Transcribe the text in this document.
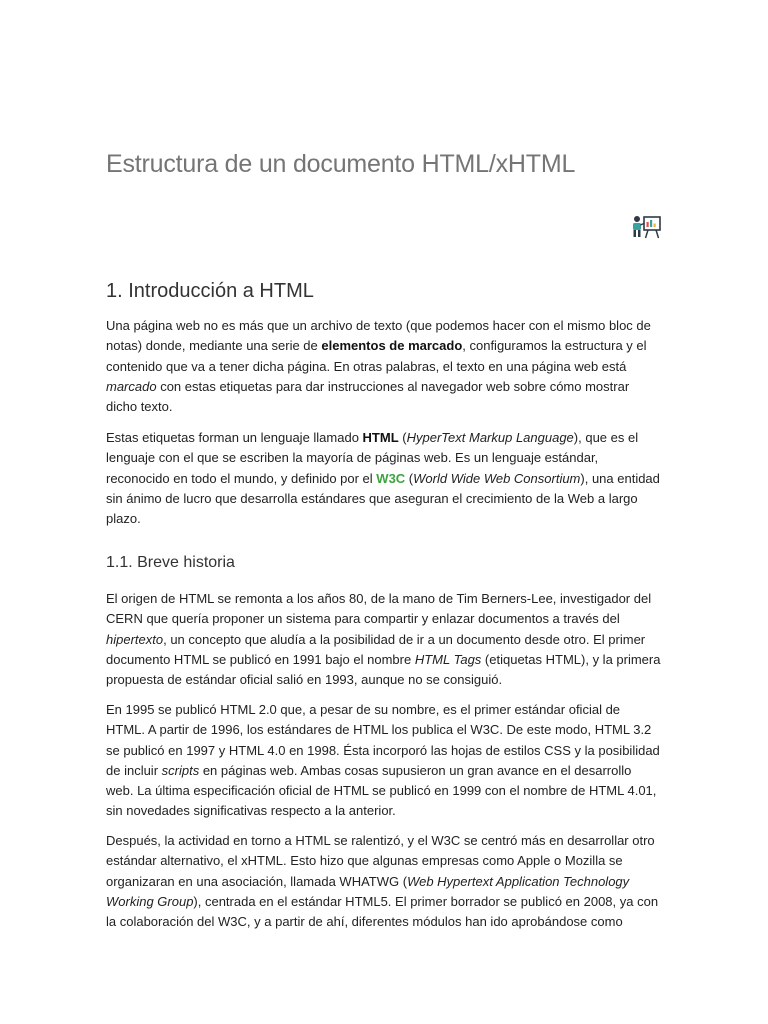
Estructura de un documento HTML/xHTML
1. Introducción a HTML

Una página web no es más que un archivo de texto (que podemos hacer con el mismo bloc de notas) donde, mediante una serie de elementos de marcado, configuramos la estructura y el contenido que va a tener dicha página. En otras palabras, el texto en una página web está marcado con estas etiquetas para dar instrucciones al navegador web sobre cómo mostrar dicho texto.

Estas etiquetas forman un lenguaje llamado HTML (HyperText Markup Language), que es el lenguaje con el que se escriben la mayoría de páginas web. Es un lenguaje estándar, reconocido en todo el mundo, y definido por el W3C (World Wide Web Consortium), una entidad sin ánimo de lucro que desarrolla estándares que aseguran el crecimiento de la Web a largo plazo.

1.1. Breve historia

El origen de HTML se remonta a los años 80, de la mano de Tim Berners-Lee, investigador del CERN que quería proponer un sistema para compartir y enlazar documentos a través del hipertexto, un concepto que aludía a la posibilidad de ir a un documento desde otro. El primer documento HTML se publicó en 1991 bajo el nombre HTML Tags (etiquetas HTML), y la primera propuesta de estándar oficial salió en 1993, aunque no se consiguió.

En 1995 se publicó HTML 2.0 que, a pesar de su nombre, es el primer estándar oficial de HTML. A partir de 1996, los estándares de HTML los publica el W3C. De este modo, HTML 3.2 se publicó en 1997 y HTML 4.0 en 1998. Ésta incorporó las hojas de estilos CSS y la posibilidad de incluir scripts en páginas web. Ambas cosas supusieron un gran avance en el desarrollo web. La última especificación oficial de HTML se publicó en 1999 con el nombre de HTML 4.01, sin novedades significativas respecto a la anterior.

Después, la actividad en torno a HTML se ralentizó, y el W3C se centró más en desarrollar otro estándar alternativo, el xHTML. Esto hizo que algunas empresas como Apple o Mozilla se organizaran en una asociación, llamada WHATWG (Web Hypertext Application Technology Working Group), centrada en el estándar HTML5. El primer borrador se publicó en 2008, ya con la colaboración del W3C, y a partir de ahí, diferentes módulos han ido aprobándose como
